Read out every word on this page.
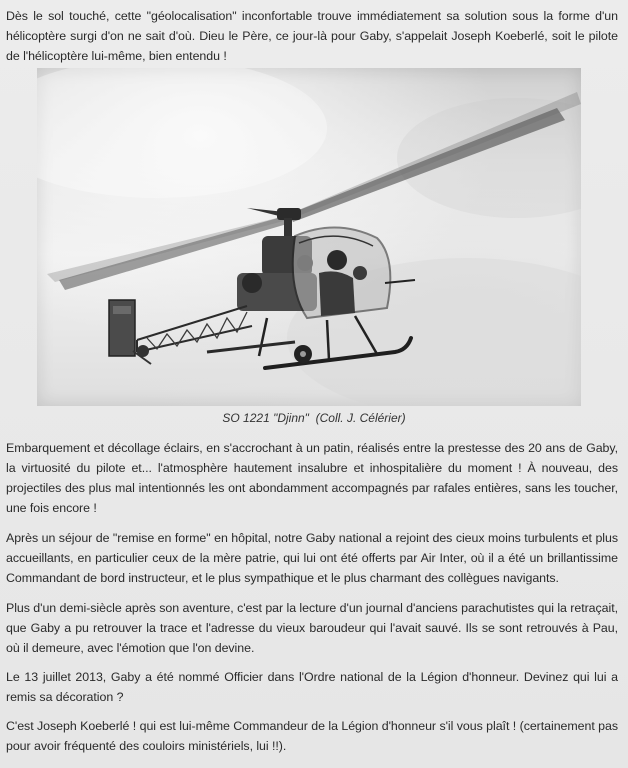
Dès le sol touché, cette "géolocalisation" inconfortable trouve immédiatement sa solution sous la forme d'un hélicoptère surgi d'on ne sait d'où. Dieu le Père, ce jour-là pour Gaby, s'appelait Joseph Koeberlé, soit le pilote de l'hélicoptère lui-même, bien entendu !

SO 1221 "Djinn"  (Coll. J. Célérier)

Embarquement et décollage éclairs, en s'accrochant à un patin, réalisés entre la prestesse des 20 ans de Gaby, la virtuosité du pilote et... l'atmosphère hautement insalubre et inhospitalière du moment ! À nouveau, des projectiles des plus mal intentionnés les ont abondamment accompagnés par rafales entières, sans les toucher, une fois encore !

Après un séjour de "remise en forme" en hôpital, notre Gaby national a rejoint des cieux moins turbulents et plus accueillants, en particulier ceux de la mère patrie, qui lui ont été offerts par Air Inter, où il a été un brillantissime Commandant de bord instructeur, et le plus sympathique et le plus charmant des collègues navigants.

Plus d'un demi-siècle après son aventure, c'est par la lecture d'un journal d'anciens parachutistes qui la retraçait, que Gaby a pu retrouver la trace et l'adresse du vieux baroudeur qui l'avait sauvé. Ils se sont retrouvés à Pau, où il demeure, avec l'émotion que l'on devine.

Le 13 juillet 2013, Gaby a été nommé Officier dans l'Ordre national de la Légion d'honneur. Devinez qui lui a remis sa décoration ?

C'est Joseph Koeberlé ! qui est lui-même Commandeur de la Légion d'honneur s'il vous plaît ! (certainement pas pour avoir fréquenté des couloirs ministériels, lui !!).
